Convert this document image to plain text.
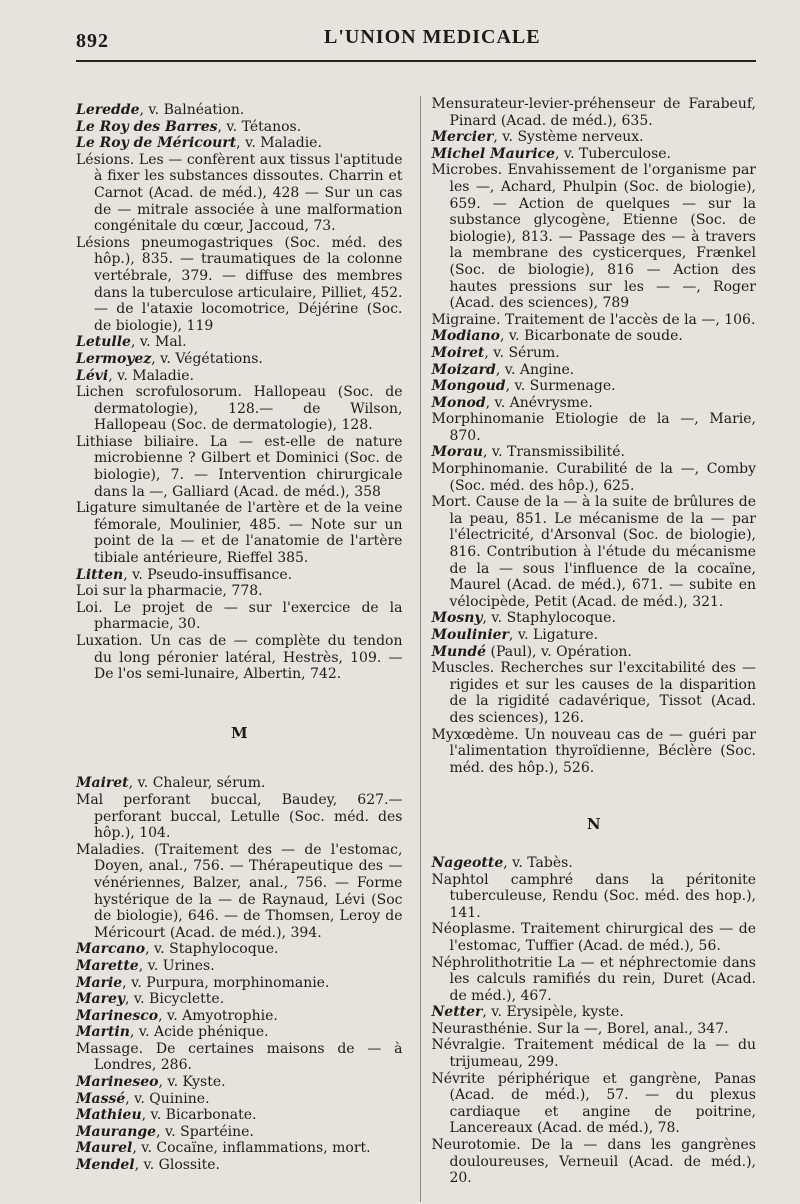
892	L'UNION MEDICALE

Leredde, v. Balnéation.

Le Roy des Barres, v. Tétanos.

Le Roy de Méricourt, v. Maladie.

Lésions. Les — confèrent aux tissus l'aptitude à fixer les substances dissoutes. Charrin et Carnot (Acad. de méd.), 428 — Sur un cas de — mitrale associée à une malformation congénitale du cœur, Jaccoud, 73.

Lésions pneumogastriques (Soc. méd. des hôp.), 835. — traumatiques de la colonne vertébrale, 379. — diffuse des membres dans la tuberculose articulaire, Pilliet, 452. — de l'ataxie locomotrice, Déjérine (Soc. de biologie), 119

Letulle, v. Mal.

Lermoyez, v. Végétations.

Lévi, v. Maladie.

Lichen scrofulosorum. Hallopeau (Soc. de dermatologie), 128.— de Wilson, Hallopeau (Soc. de dermatologie), 128.

Lithiase biliaire. La — est-elle de nature microbienne ? Gilbert et Dominici (Soc. de biologie), 7. — Intervention chirurgicale dans la —, Galliard (Acad. de méd.), 358

Ligature simultanée de l'artère et de la veine fémorale, Moulinier, 485. — Note sur un point de la — et de l'anatomie de l'artère tibiale antérieure, Rieffel 385.

Litten, v. Pseudo-insuffisance.

Loi sur la pharmacie, 778.

Loi. Le projet de — sur l'exercice de la pharmacie, 30.

Luxation. Un cas de — complète du tendon du long péronier latéral, Hestrès, 109. — De l'os semi-lunaire, Albertin, 742.

M

Mairet, v. Chaleur, sérum.

Mal perforant buccal, Baudey, 627.— perforant buccal, Letulle (Soc. méd. des hôp.), 104.

Maladies. (Traitement des — de l'estomac, Doyen, anal., 756. — Thérapeutique des — vénériennes, Balzer, anal., 756. — Forme hystérique de la — de Raynaud, Lévi (Soc de biologie), 646. — de Thomsen, Leroy de Méricourt (Acad. de méd.), 394.

Marcano, v. Staphylocoque.

Marette, v. Urines.

Marie, v. Purpura, morphinomanie.

Marey, v. Bicyclette.

Marinesco, v. Amyotrophie.

Martin, v. Acide phénique.

Massage. De certaines maisons de — à Londres, 286.

Marineseo, v. Kyste.

Massé, v. Quinine.

Mathieu, v. Bicarbonate.

Maurange, v. Spartéine.

Maurel, v. Cocaïne, inflammations, mort.

Mendel, v. Glossite.

Mensurateur-levier-préhenseur de Farabeuf, Pinard (Acad. de méd.), 635.

Mercier, v. Système nerveux.

Michel Maurice, v. Tuberculose.

Microbes. Envahissement de l'organisme par les —, Achard, Phulpin (Soc. de biologie), 659. — Action de quelques — sur la substance glycogène, Etienne (Soc. de biologie), 813. — Passage des — à travers la membrane des cysticerques, Frænkel (Soc. de biologie), 816 — Action des hautes pressions sur les — —, Roger (Acad. des sciences), 789

Migraine. Traitement de l'accès de la —, 106.

Modiano, v. Bicarbonate de soude.

Moiret, v. Sérum.

Moizard, v. Angine.

Mongoud, v. Surmenage.

Monod, v. Anévrysme.

Morphinomanie Etiologie de la —, Marie, 870.

Morau, v. Transmissibilité.

Morphinomanie. Curabilité de la —, Comby (Soc. méd. des hôp.), 625.

Mort. Cause de la — à la suite de brûlures de la peau, 851. Le mécanisme de la — par l'électricité, d'Arsonval (Soc. de biologie), 816. Contribution à l'étude du mécanisme de la — sous l'influence de la cocaïne, Maurel (Acad. de méd.), 671. — subite en vélocipède, Petit (Acad. de méd.), 321.

Mosny, v. Staphylocoque.

Moulinier, v. Ligature.

Mundé (Paul), v. Opération.

Muscles. Recherches sur l'excitabilité des — rigides et sur les causes de la disparition de la rigidité cadavérique, Tissot (Acad. des sciences), 126.

Myxœdème. Un nouveau cas de — guéri par l'alimentation thyroïdienne, Béclère (Soc. méd. des hôp.), 526.

N

Nageotte, v. Tabès.

Naphtol camphré dans la péritonite tuberculeuse, Rendu (Soc. méd. des hop.), 141.

Néoplasme. Traitement chirurgical des — de l'estomac, Tuffier (Acad. de méd.), 56.

Néphrolithotritie La — et néphrectomie dans les calculs ramifiés du rein, Duret (Acad. de méd.), 467.

Netter, v. Erysipèle, kyste.

Neurasthénie. Sur la —, Borel, anal., 347.

Névralgie. Traitement médical de la — du trijumeau, 299.

Névrite périphérique et gangrène, Panas (Acad. de méd.), 57. — du plexus cardiaque et angine de poitrine, Lancereaux (Acad. de méd.), 78.

Neurotomie. De la — dans les gangrènes douloureuses, Verneuil (Acad. de méd.), 20.
